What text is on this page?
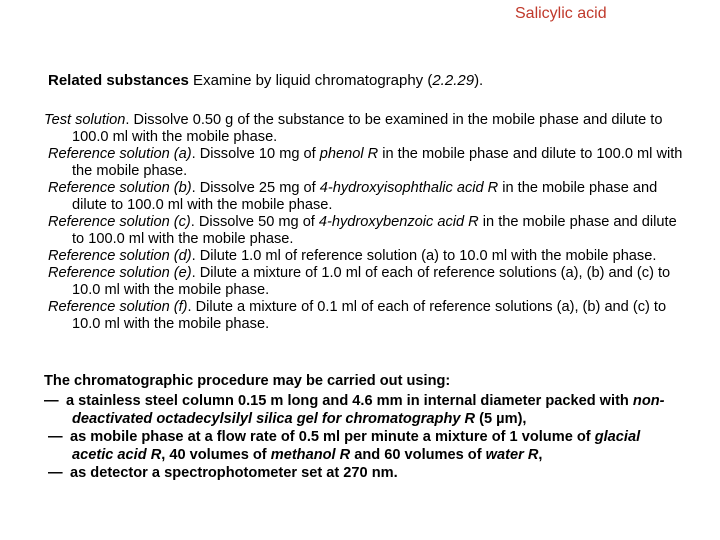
Salicylic acid
Related substances Examine by liquid chromatography (2.2.29).

Test solution. Dissolve 0.50 g of the substance to be examined in the mobile phase and dilute to 100.0 ml with the mobile phase.

Reference solution (a). Dissolve 10 mg of phenol R in the mobile phase and dilute to 100.0 ml with the mobile phase.

Reference solution (b). Dissolve 25 mg of 4-hydroxyisophthalic acid R in the mobile phase and dilute to 100.0 ml with the mobile phase.

Reference solution (c). Dissolve 50 mg of 4-hydroxybenzoic acid R in the mobile phase and dilute to 100.0 ml with the mobile phase.

Reference solution (d). Dilute 1.0 ml of reference solution (a) to 10.0 ml with the mobile phase.

Reference solution (e). Dilute a mixture of 1.0 ml of each of reference solutions (a), (b) and (c) to 10.0 ml with the mobile phase.

Reference solution (f). Dilute a mixture of 0.1 ml of each of reference solutions (a), (b) and (c) to 10.0 ml with the mobile phase.

The chromatographic procedure may be carried out using:

— a stainless steel column 0.15 m long and 4.6 mm in internal diameter packed with non-deactivated octadecylsilyl silica gel for chromatography R (5 µm),
— as mobile phase at a flow rate of 0.5 ml per minute a mixture of 1 volume of glacial acetic acid R, 40 volumes of methanol R and 60 volumes of water R,
— as detector a spectrophotometer set at 270 nm.
